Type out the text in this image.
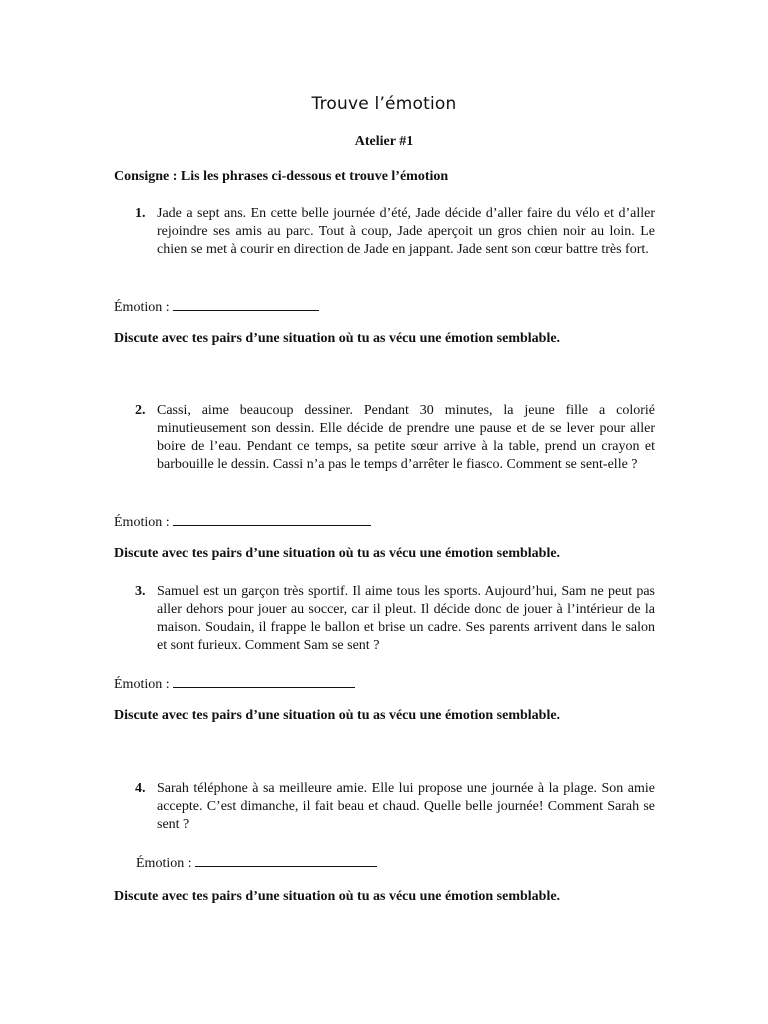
Trouve l’émotion
Atelier #1
Consigne : Lis les phrases ci-dessous et trouve l’émotion
1. Jade a sept ans. En cette belle journée d’été, Jade décide d’aller faire du vélo et d’aller rejoindre ses amis au parc. Tout à coup, Jade aperçoit un gros chien noir au loin. Le chien se met à courir en direction de Jade en jappant. Jade sent son cœur battre très fort.
Émotion :
Discute avec tes pairs d’une situation où tu as vécu une émotion semblable.
2. Cassi, aime beaucoup dessiner. Pendant 30 minutes, la jeune fille a colorié minutieusement son dessin. Elle décide de prendre une pause et de se lever pour aller boire de l’eau. Pendant ce temps, sa petite sœur arrive à la table, prend un crayon et barbouille le dessin. Cassi n’a pas le temps d’arrêter le fiasco. Comment se sent-elle ?
Émotion :
Discute avec tes pairs d’une situation où tu as vécu une émotion semblable.
3. Samuel est un garçon très sportif. Il aime tous les sports. Aujourd’hui, Sam ne peut pas aller dehors pour jouer au soccer, car il pleut. Il décide donc de jouer à l’intérieur de la maison. Soudain, il frappe le ballon et brise un cadre. Ses parents arrivent dans le salon et sont furieux. Comment Sam se sent ?
Émotion :
Discute avec tes pairs d’une situation où tu as vécu une émotion semblable.
4. Sarah téléphone à sa meilleure amie. Elle lui propose une journée à la plage. Son amie accepte. C’est dimanche, il fait beau et chaud. Quelle belle journée! Comment Sarah se sent ?
Émotion :
Discute avec tes pairs d’une situation où tu as vécu une émotion semblable.
